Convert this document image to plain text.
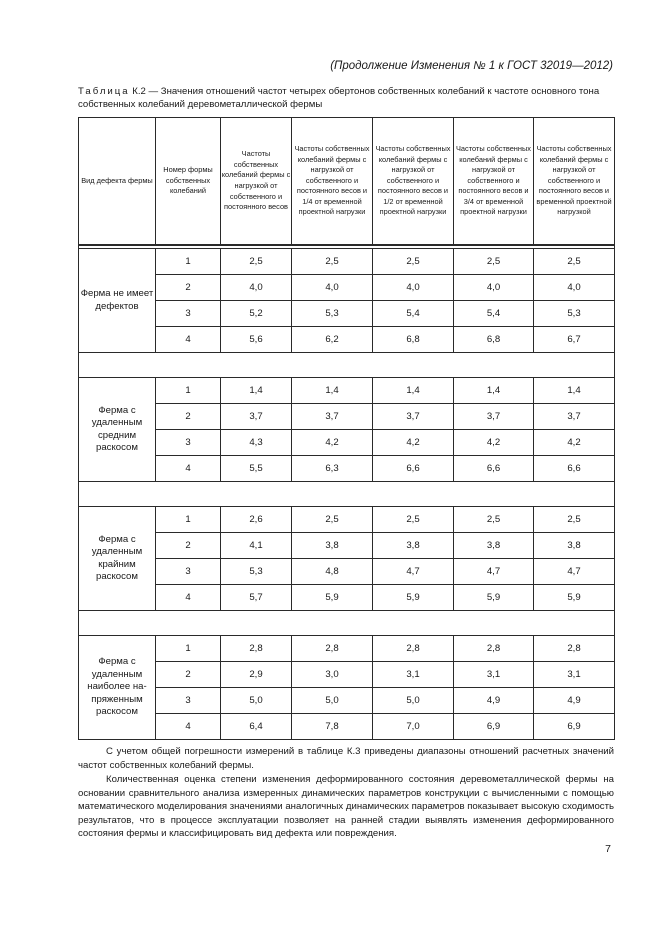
(Продолжение Изменения № 1 к ГОСТ 32019—2012)
Таблица К.2 — Значения отношений частот четырех обертонов собственных колебаний к частоте основного тона собственных колебаний деревометаллической фермы
Вид дефекта фермы	Номер формы собственных колебаний	Частоты собственных колебаний фермы с нагрузкой от собственного и постоянного весов	Частоты собственных колебаний фермы с нагрузкой от собственного и постоянного весов и 1/4 от временной проектной нагрузки	Частоты собственных колебаний фермы с нагрузкой от собственного и постоянного весов и 1/2 от временной проектной нагрузки	Частоты собственных колебаний фермы с нагрузкой от собственного и постоянного весов и 3/4 от временной проектной нагрузки	Частоты собственных колебаний фермы с нагрузкой от собственного и постоянного весов и временной проектной нагрузкой

Ферма не имеет дефектов	1	2,5	2,5	2,5	2,5	2,5
	2	4,0	4,0	4,0	4,0	4,0
	3	5,2	5,3	5,4	5,4	5,3
	4	5,6	6,2	6,8	6,8	6,7

Ферма с удаленным средним раскосом	1	1,4	1,4	1,4	1,4	1,4
	2	3,7	3,7	3,7	3,7	3,7
	3	4,3	4,2	4,2	4,2	4,2
	4	5,5	6,3	6,6	6,6	6,6

Ферма с удаленным крайним раскосом	1	2,6	2,5	2,5	2,5	2,5
	2	4,1	3,8	3,8	3,8	3,8
	3	5,3	4,8	4,7	4,7	4,7
	4	5,7	5,9	5,9	5,9	5,9

Ферма с удаленным наиболее на-пряженным раскосом	1	2,8	2,8	2,8	2,8	2,8
	2	2,9	3,0	3,1	3,1	3,1
	3	5,0	5,0	5,0	4,9	4,9
	4	6,4	7,8	7,0	6,9	6,9
С учетом общей погрешности измерений в таблице К.3 приведены диапазоны отношений расчетных значений частот собственных колебаний фермы.
Количественная оценка степени изменения деформированного состояния деревометаллической фермы на основании сравнительного анализа измеренных динамических параметров конструкции с вычисленными с помощью математического моделирования значениями аналогичных динамических параметров показывает высокую сходимость результатов, что в процессе эксплуатации позволяет на ранней стадии выявлять изменения деформированного состояния фермы и классифицировать вид дефекта или повреждения.
7
